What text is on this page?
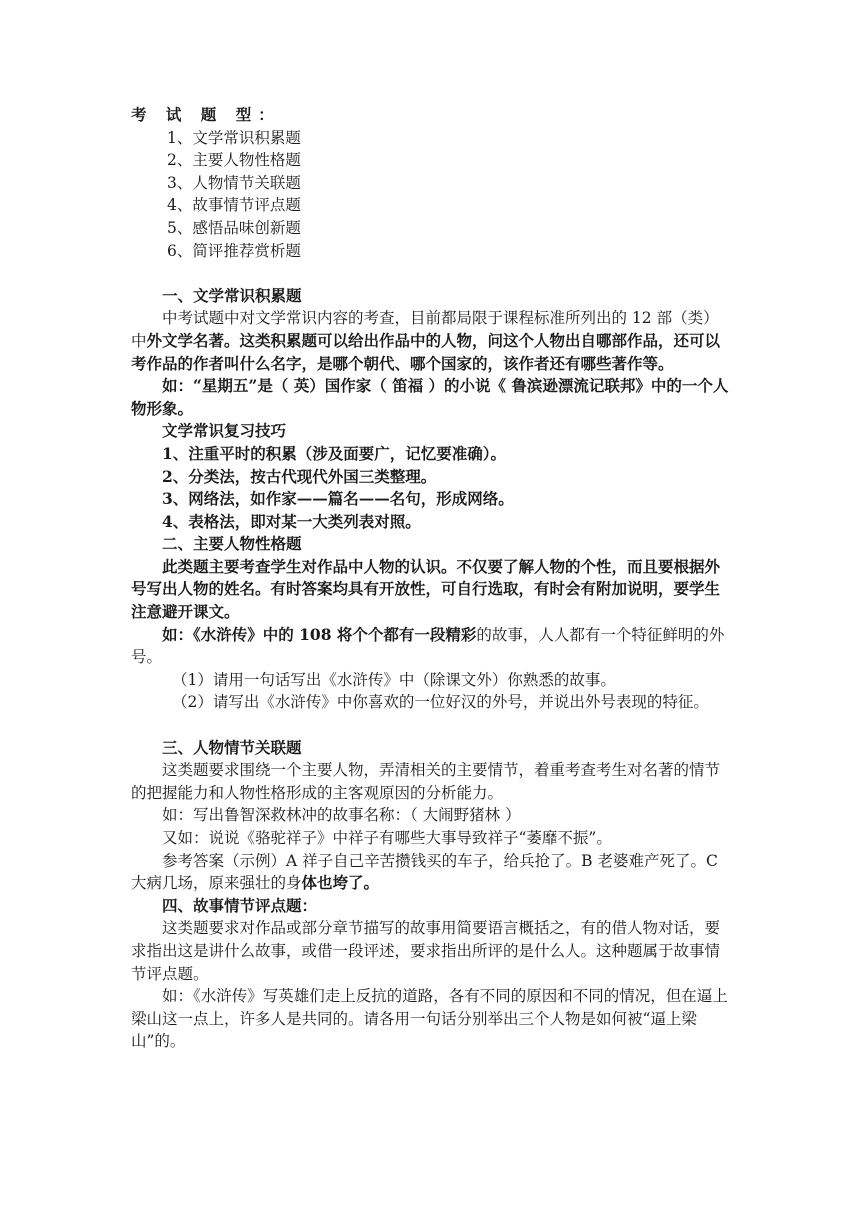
考 试 题 型：

1、文学常识积累题

2、主要人物性格题

3、人物情节关联题

4、故事情节评点题

5、感悟品味创新题

6、简评推荐赏析题

一、文学常识积累题

中考试题中对文学常识内容的考查，目前都局限于课程标准所列出的 12 部（类）中外文学名著。这类积累题可以给出作品中的人物，问这个人物出自哪部作品，还可以考作品的作者叫什么名字，是哪个朝代、哪个国家的，该作者还有哪些著作等。

如：“星期五”是（ 英）国作家（ 笛福 ）的小说《 鲁滨逊漂流记联邦》中的一个人物形象。

文学常识复习技巧

1、注重平时的积累（涉及面要广，记忆要准确）。

2、分类法，按古代现代外国三类整理。

3、网络法，如作家——篇名——名句，形成网络。

4、表格法，即对某一大类列表对照。

二、主要人物性格题

此类题主要考查学生对作品中人物的认识。不仅要了解人物的个性，而且要根据外号写出人物的姓名。有时答案均具有开放性，可自行选取，有时会有附加说明，要学生注意避开课文。

如：《水浒传》中的 108 将个个都有一段精彩的故事，人人都有一个特征鲜明的外号。

（1）请用一句话写出《水浒传》中（除课文外）你熟悉的故事。

（2）请写出《水浒传》中你喜欢的一位好汉的外号，并说出外号表现的特征。

三、人物情节关联题

这类题要求围绕一个主要人物，弄清相关的主要情节，着重考查考生对名著的情节的把握能力和人物性格形成的主客观原因的分析能力。

如：写出鲁智深救林冲的故事名称：（ 大闹野猪林 ）

又如：说说《骆驼祥子》中祥子有哪些大事导致祥子“萎靡不振”。

参考答案（示例）A 祥子自己辛苦攒钱买的车子，给兵抢了。B 老婆难产死了。C 大病几场，原来强壮的身体也垮了。

四、故事情节评点题：

这类题要求对作品或部分章节描写的故事用简要语言概括之，有的借人物对话，要求指出这是讲什么故事，或借一段评述，要求指出所评的是什么人。这种题属于故事情节评点题。

如：《水浒传》写英雄们走上反抗的道路，各有不同的原因和不同的情况，但在逼上梁山这一点上，许多人是共同的。请各用一句话分别举出三个人物是如何被“逼上梁山”的。
